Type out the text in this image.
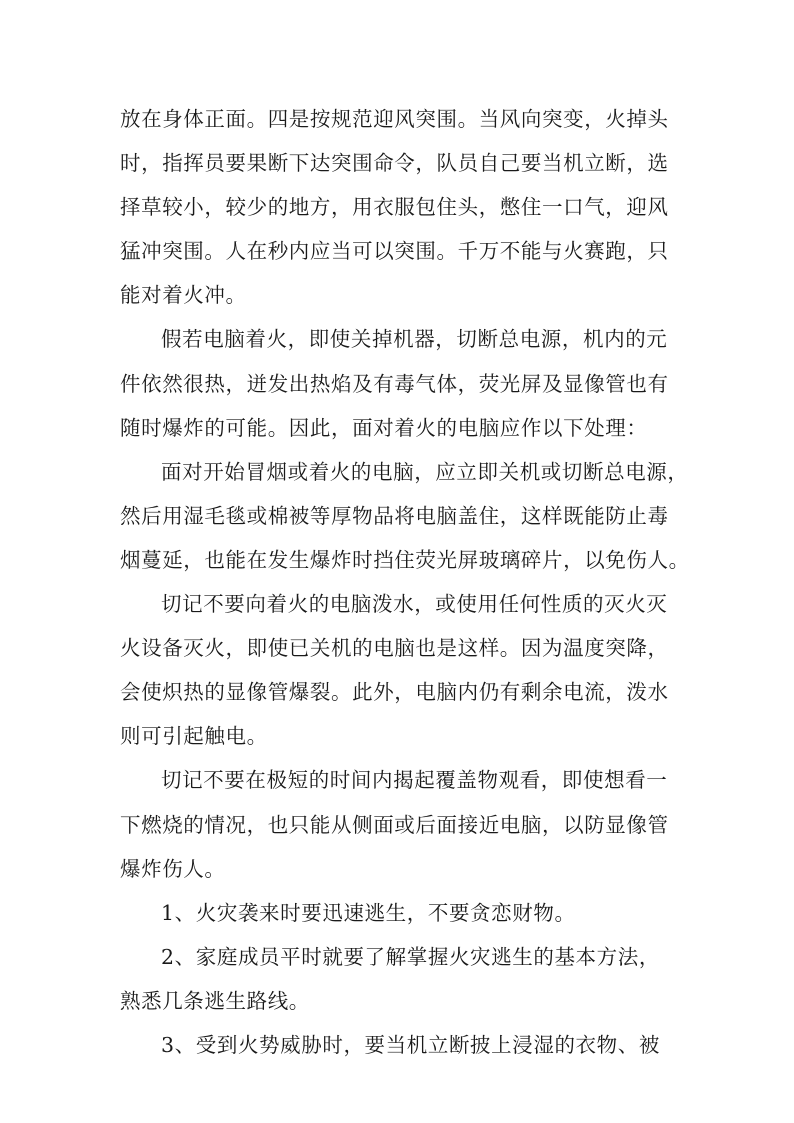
放在身体正面。四是按规范迎风突围。当风向突变，火掉头
时，指挥员要果断下达突围命令，队员自己要当机立断，选
择草较小，较少的地方，用衣服包住头，憋住一口气，迎风
猛冲突围。人在秒内应当可以突围。千万不能与火赛跑，只
能对着火冲。

假若电脑着火，即使关掉机器，切断总电源，机内的元
件依然很热，迸发出热焰及有毒气体，荧光屏及显像管也有
随时爆炸的可能。因此，面对着火的电脑应作以下处理：

面对开始冒烟或着火的电脑，应立即关机或切断总电源，
然后用湿毛毯或棉被等厚物品将电脑盖住，这样既能防止毒
烟蔓延，也能在发生爆炸时挡住荧光屏玻璃碎片，以免伤人。

切记不要向着火的电脑泼水，或使用任何性质的灭火灭
火设备灭火，即使已关机的电脑也是这样。因为温度突降，
会使炽热的显像管爆裂。此外，电脑内仍有剩余电流，泼水
则可引起触电。

切记不要在极短的时间内揭起覆盖物观看，即使想看一
下燃烧的情况，也只能从侧面或后面接近电脑，以防显像管
爆炸伤人。

1、火灾袭来时要迅速逃生，不要贪恋财物。

2、家庭成员平时就要了解掌握火灾逃生的基本方法，
熟悉几条逃生路线。

3、受到火势威胁时，要当机立断披上浸湿的衣物、被
